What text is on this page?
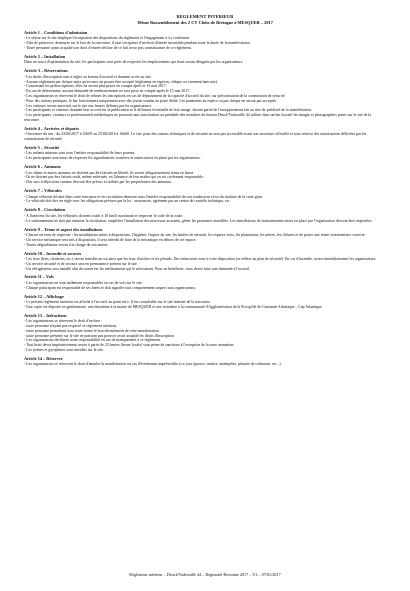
REGLEMENT INTERIEUR
10ème Rassemblement des 2 CV Clubs de Bretagne à MESQUER – 2017
Article 1 – Conditions d'admission
- Le séjour sur le site implique l'acceptation des dispositions du règlement et l'engagement à s'y conformer.
- Afin de préserver, demeurer sur le lieu de la rencontre, il faut s'acquitter d'un droit d'entrée invariable pendant toute la durée de la manifestation.
- Toute personne ayant acquitté son droit d'entrée déclare de ce fait avoir pris connaissance de ce règlement.
Article 2 – Installation
Dans un souci d'optimisation du site, les participants sont priés de respecter les emplacements qui leurs seront désignés par les organisateurs.
Article 3 – Réservations
- Les droits d'inscription sont à régler au bureau d'accueil et donnent accès au site.
- Aucune réglement par chèque autre qu'en euro ne pourra être accepté (règlement en espèces, chèque ou virement bancaire).
- Concernant les préinscriptions, elles ne seront plus prises en compte après le 15 mai 2017.
- En cas de désistement, aucune demande de remboursement ne sera prise en compte après le 15 mai 2017.
- Les organisateurs se réservent le droit de refuser les inscriptions en cas de dépassement de la capacité d'accueil du site, sur préconisation de la commission de sécurité.
- Pour des raisons pratiques, le bar fonctionnera uniquement avec des jetons vendus au poste dédié. Les paiements en espèce ou par chèque ne seront pas acceptés.
- Les visiteurs seront autorisés sur le site aux heures définies par les organisateurs.
- Les participants et visiteurs donnent leur accord sur la publication et la diffusion éventuelle de leur image, faisant partie de l'enregistrement fait au titre de publicité de la manifestation.
- Les participants, visiteurs et professionnels médiatiques ne pourront sans autorisation au préalable des membres du bureau Deuch'Vadrouille 44 utiliser dans un but lucratif les images et photographies prises sur le site de la rencontre.
Article 4 – Arrivées et départs
- Ouverture du site : du 23/06/2017 à 16h59 au 25/06/2016 à 16h00. Le site, pour des raisons techniques et de sécurité ne sera pas accessible avant son ouverture officielle et sous réserve des autorisations délivrées par les commissions de sécurité.
Article 5 – Sécurité
- Les enfants mineurs sont sous l'entière responsabilité de leurs parents.
- Les participants sont tenus de respecter les signalisations routières et autres mises en place par les organisateurs.
Article 6 – Animaux
- Les chiens et autres animaux ne doivent pas être laissés en liberté, ils seront obligatoirement tenus en laisse.
- Ils ne doivent pas être laissés seuls, même enfermés, en l'absence de leur maître qui en est civilement responsable.
- Des sacs à déjections canines devront être prévus et utilisés par les propriétaires des animaux.
Article 7 – Véhicules
- Chaque véhicule déclaré dans cette rencontre et en circulation demeure sous l'entière responsabilité de son conducteur et/ou du titulaire de la carte grise.
- Le véhicule doit être en règle avec les obligations prévues par la loi : assurances, agrément par un centre de contrôle technique, etc.
Article 8 – Circulation
- A l'intérieur du site, les véhicules doivent rouler à 10 km/h maximum et respecter le code de la route.
- Le stationnement ne doit pas entraver la circulation, empêcher l'installation des nouveaux arrivants, gêner les personnes installées. Les interdictions de stationnement mises en place par l'organisation devront être respectées.
Article 9 – Tenue et aspect des installations
- Chacun est tenu de respecter : les installations mises à dispositions, l'hygiène, l'aspect du site, les limites de sécurité, les espaces verts, les plantations, les arbres, les clôtures et de porter une tenue vestimentaire correcte.
- Un service mécanique sera mis à disposition, il sera interdit de faire de la mécanique en dehors de cet espace.
- Toutes dégradations seront à la charge de son auteur.
Article 10 – Incendie et secours
- Les feux (bois, charbons, etc.) seront interdits au sol ainsi que les feux d'artifice et les pétards. Des extincteurs sont à votre disposition (se référer au plan de sécurité). En cas d'incendie, aviser immédiatement les organisateurs.
- Un service sécurité et de secours sera en permanence présent sur le site.
- Un réfrigérateur sera installé afin de conserver les médicaments qui le nécessitent. Pour en bénéficier, vous devez faire une demande à l'accueil.
Article 11 – Vols
- Les organisateurs ne sont nullement responsables en cas de vols sur le site.
- Chaque participant est responsable de ses biens et doit signaler tout comportement suspect aux organisateurs.
Article 12 – Affichage
- Le présent règlement intérieur est affiché à l'accueil, au point info. Il est consultable sur le site internet de la rencontre.
- Une copie est déposée en gendarmerie, une deuxième à la mairie de MESQUER et une troisième à la communauté d'Agglomération de la Presqu'île de Guérande Atlantique – Cap Atlantique.
Article 13 – Infractions
- Les organisateurs se réservent le droit d'exclure :
· toute personne n'ayant pas respecté ce règlement intérieur,
· toute personne perturbant sous toute forme le bon déroulement de cette manifestation
· toute personne présente sur le site ne pouvant pas prouver avoir acquitté les droits d'inscription
- Les organisateurs déclinent toute responsabilité en cas de manquement à ce règlement.
- Tout bruit devra impérativement cesser à partir de 23 heures (heure locale) sous peine de sanctions à l'exception de la zone animation
- Les sirènes et gyrophares sont interdits sur le site.
Article 14 – Réserves
- Les organisateurs se réservent le droit d'annuler la manifestation en cas d'événement imprévisible à ce jour (guerre, sinistre, intempérie, pénurie de carburant, etc...).
Règlement intérieur – Deuch'Vadrouille 44 – Régionale Bretonne 2017 – V2 – 07/01/2017
